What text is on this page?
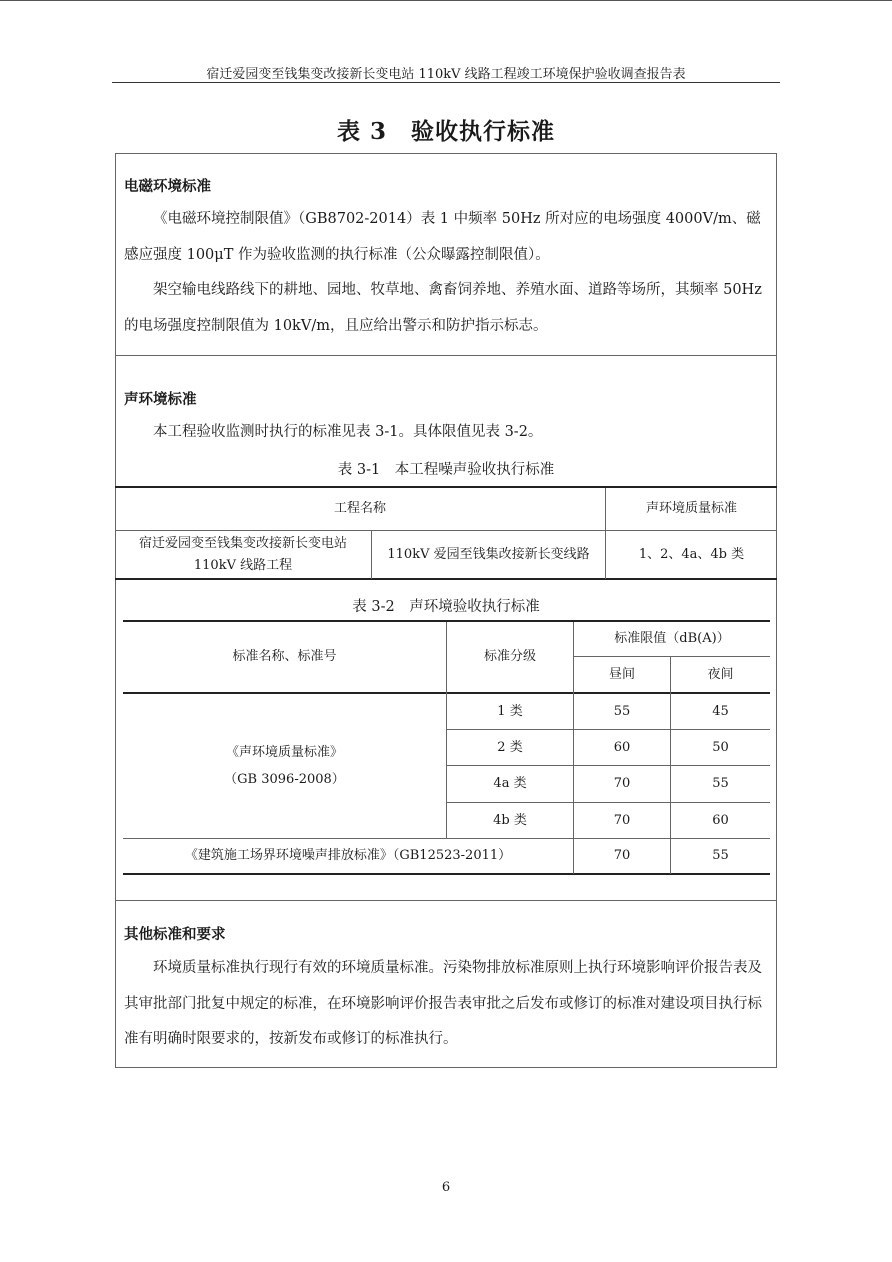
宿迁爱园变至钱集变改接新长变电站 110kV 线路工程竣工环境保护验收调查报告表
表 3　验收执行标准
电磁环境标准

《电磁环境控制限值》（GB8702-2014）表 1 中频率 50Hz 所对应的电场强度 4000V/m、磁感应强度 100μT 作为验收监测的执行标准（公众曝露控制限值）。

架空输电线路线下的耕地、园地、牧草地、禽畜饲养地、养殖水面、道路等场所，其频率 50Hz 的电场强度控制限值为 10kV/m，且应给出警示和防护指示标志。

声环境标准

本工程验收监测时执行的标准见表 3-1。具体限值见表 3-2。

表 3-1　本工程噪声验收执行标准
工程名称	声环境质量标准
宿迁爱园变至钱集变改接新长变电站
110kV 线路工程
110kV 爱园至钱集改接新长变线路	1、2、4a、4b 类
表 3-2　声环境验收执行标准
标准名称、标准号	标准分级
标准限值（dB(A)）
昼间	夜间
《声环境质量标准》
（GB 3096-2008）
1 类	55	45
2 类	60	50
4a 类	70	55
4b 类	70	60
《建筑施工场界环境噪声排放标准》（GB12523-2011）	70	55
其他标准和要求

环境质量标准执行现行有效的环境质量标准。污染物排放标准原则上执行环境影响评价报告表及其审批部门批复中规定的标准，在环境影响评价报告表审批之后发布或修订的标准对建设项目执行标准有明确时限要求的，按新发布或修订的标准执行。

6
